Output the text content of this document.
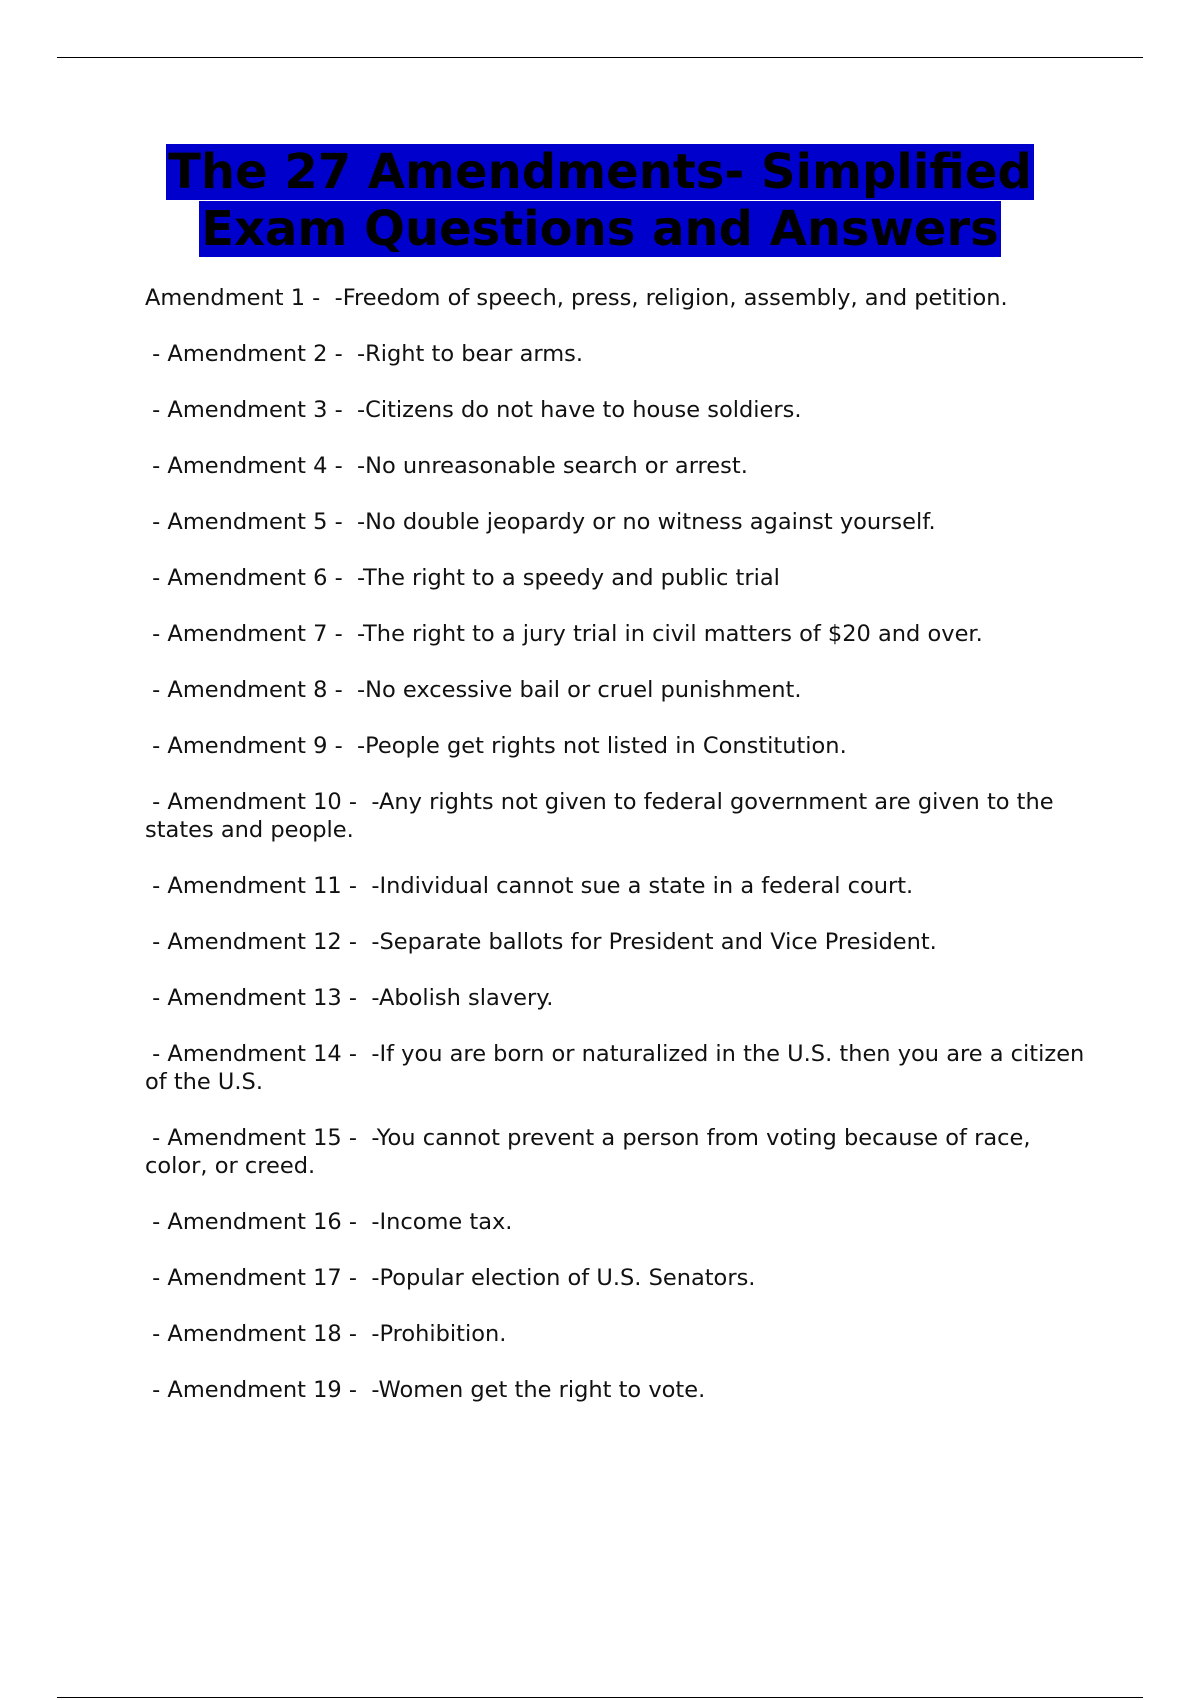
The 27 Amendments- Simplified
Exam Questions and Answers

Amendment 1 -  -Freedom of speech, press, religion, assembly, and petition.

- Amendment 2 -  -Right to bear arms.

- Amendment 3 -  -Citizens do not have to house soldiers.

- Amendment 4 -  -No unreasonable search or arrest.

- Amendment 5 -  -No double jeopardy or no witness against yourself.

- Amendment 6 -  -The right to a speedy and public trial

- Amendment 7 -  -The right to a jury trial in civil matters of $20 and over.

- Amendment 8 -  -No excessive bail or cruel punishment.

- Amendment 9 -  -People get rights not listed in Constitution.

- Amendment 10 -  -Any rights not given to federal government are given to the states and people.

- Amendment 11 -  -Individual cannot sue a state in a federal court.

- Amendment 12 -  -Separate ballots for President and Vice President.

- Amendment 13 -  -Abolish slavery.

- Amendment 14 -  -If you are born or naturalized in the U.S. then you are a citizen of the U.S.

- Amendment 15 -  -You cannot prevent a person from voting because of race, color, or creed.

- Amendment 16 -  -Income tax.

- Amendment 17 -  -Popular election of U.S. Senators.

- Amendment 18 -  -Prohibition.

- Amendment 19 -  -Women get the right to vote.
